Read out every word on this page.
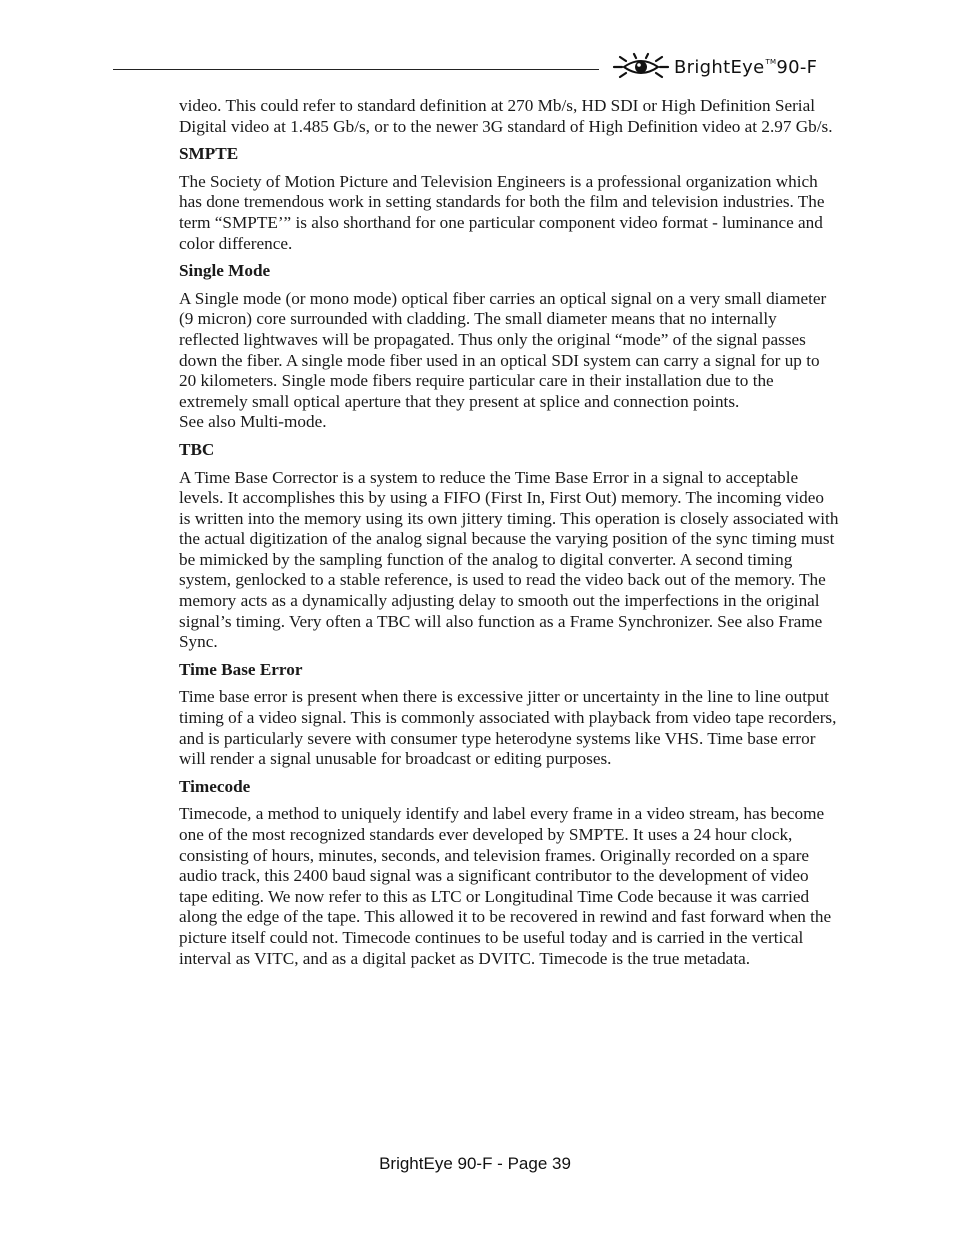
BrightEye™90-F

video. This could refer to standard definition at 270 Mb/s, HD SDI or High Definition Serial Digital video at 1.485 Gb/s, or to the newer 3G standard of High Definition video at 2.97 Gb/s.

SMPTE

The Society of Motion Picture and Television Engineers is a professional organization which has done tremendous work in setting standards for both the film and television industries. The term “SMPTE’” is also shorthand for one particular component video format - luminance and color difference.

Single Mode

A Single mode (or mono mode) optical fiber carries an optical signal on a very small diameter (9 micron) core surrounded with cladding. The small diameter means that no internally reflected lightwaves will be propagated. Thus only the original “mode” of the signal passes down the fiber. A single mode fiber used in an optical SDI system can carry a signal for up to 20 kilometers. Single mode fibers require particular care in their installation due to the extremely small optical aperture that they present at splice and connection points.

See also Multi-mode.

TBC

A Time Base Corrector is a system to reduce the Time Base Error in a signal to acceptable levels. It accomplishes this by using a FIFO (First In, First Out) memory. The incoming video is written into the memory using its own jittery timing. This operation is closely associated with the actual digitization of the analog signal because the varying position of the sync timing must be mimicked by the sampling function of the analog to digital converter. A second timing system, genlocked to a stable reference, is used to read the video back out of the memory. The memory acts as a dynamically adjusting delay to smooth out the imperfections in the original signal’s timing. Very often a TBC will also function as a Frame Synchronizer. See also Frame Sync.

Time Base Error

Time base error is present when there is excessive jitter or uncertainty in the line to line output timing of a video signal. This is commonly associated with playback from video tape recorders, and is particularly severe with consumer type heterodyne systems like VHS. Time base error will render a signal unusable for broadcast or editing purposes.

Timecode

Timecode, a method to uniquely identify and label every frame in a video stream, has become one of the most recognized standards ever developed by SMPTE. It uses a 24 hour clock, consisting of hours, minutes, seconds, and television frames. Originally recorded on a spare audio track, this 2400 baud signal was a significant contributor to the development of video tape editing. We now refer to this as LTC or Longitudinal Time Code because it was carried along the edge of the tape. This allowed it to be recovered in rewind and fast forward when the picture itself could not. Timecode continues to be useful today and is carried in the vertical interval as VITC, and as a digital packet as DVITC. Timecode is the true metadata.

BrightEye 90-F - Page 39
